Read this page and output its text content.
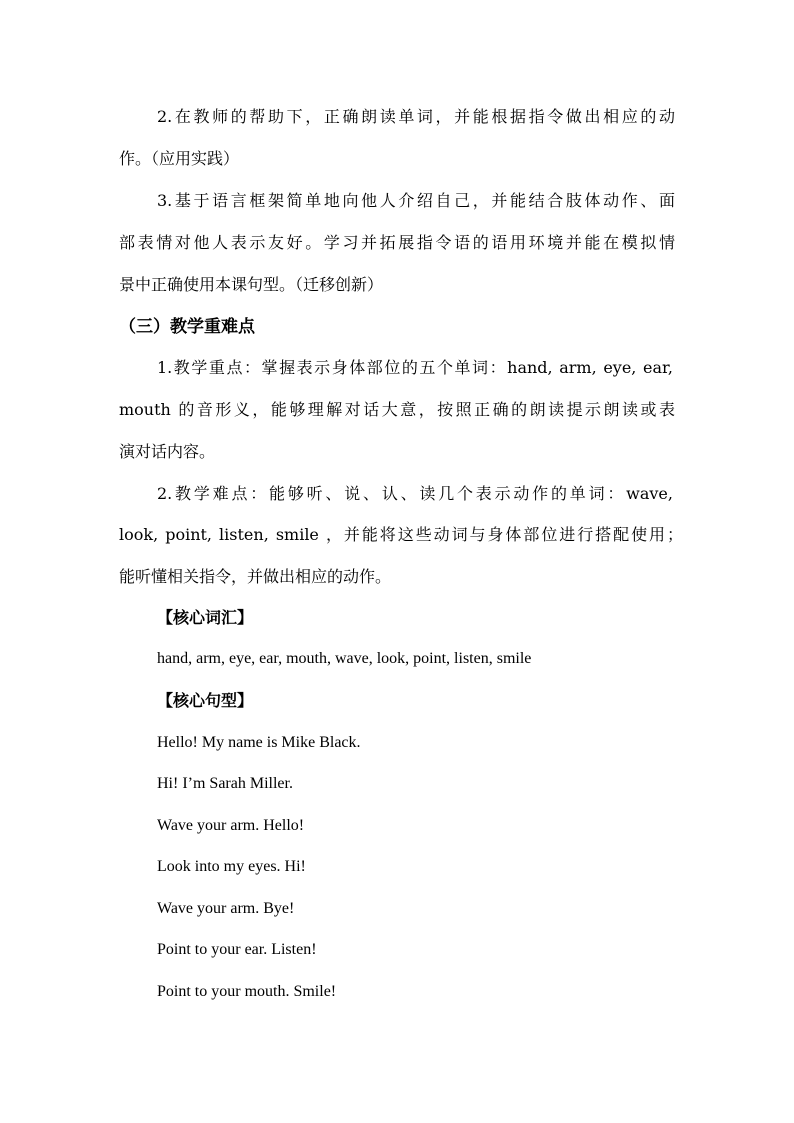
2.在教师的帮助下，正确朗读单词，并能根据指令做出相应的动
作。（应用实践）
3.基于语言框架简单地向他人介绍自己，并能结合肢体动作、面
部表情对他人表示友好。学习并拓展指令语的语用环境并能在模拟情
景中正确使用本课句型。（迁移创新）
（三）教学重难点
1.教学重点：掌握表示身体部位的五个单词：hand, arm, eye, ear,
mouth 的音形义，能够理解对话大意，按照正确的朗读提示朗读或表
演对话内容。
2.教学难点：能够听、说、认、读几个表示动作的单词：wave,
look, point, listen, smile ，并能将这些动词与身体部位进行搭配使用；
能听懂相关指令，并做出相应的动作。
【核心词汇】
hand, arm, eye, ear, mouth, wave, look, point, listen, smile
【核心句型】
Hello! My name is Mike Black.
Hi! I’m Sarah Miller.
Wave your arm. Hello!
Look into my eyes. Hi!
Wave your arm. Bye!
Point to your ear. Listen!
Point to your mouth. Smile!
